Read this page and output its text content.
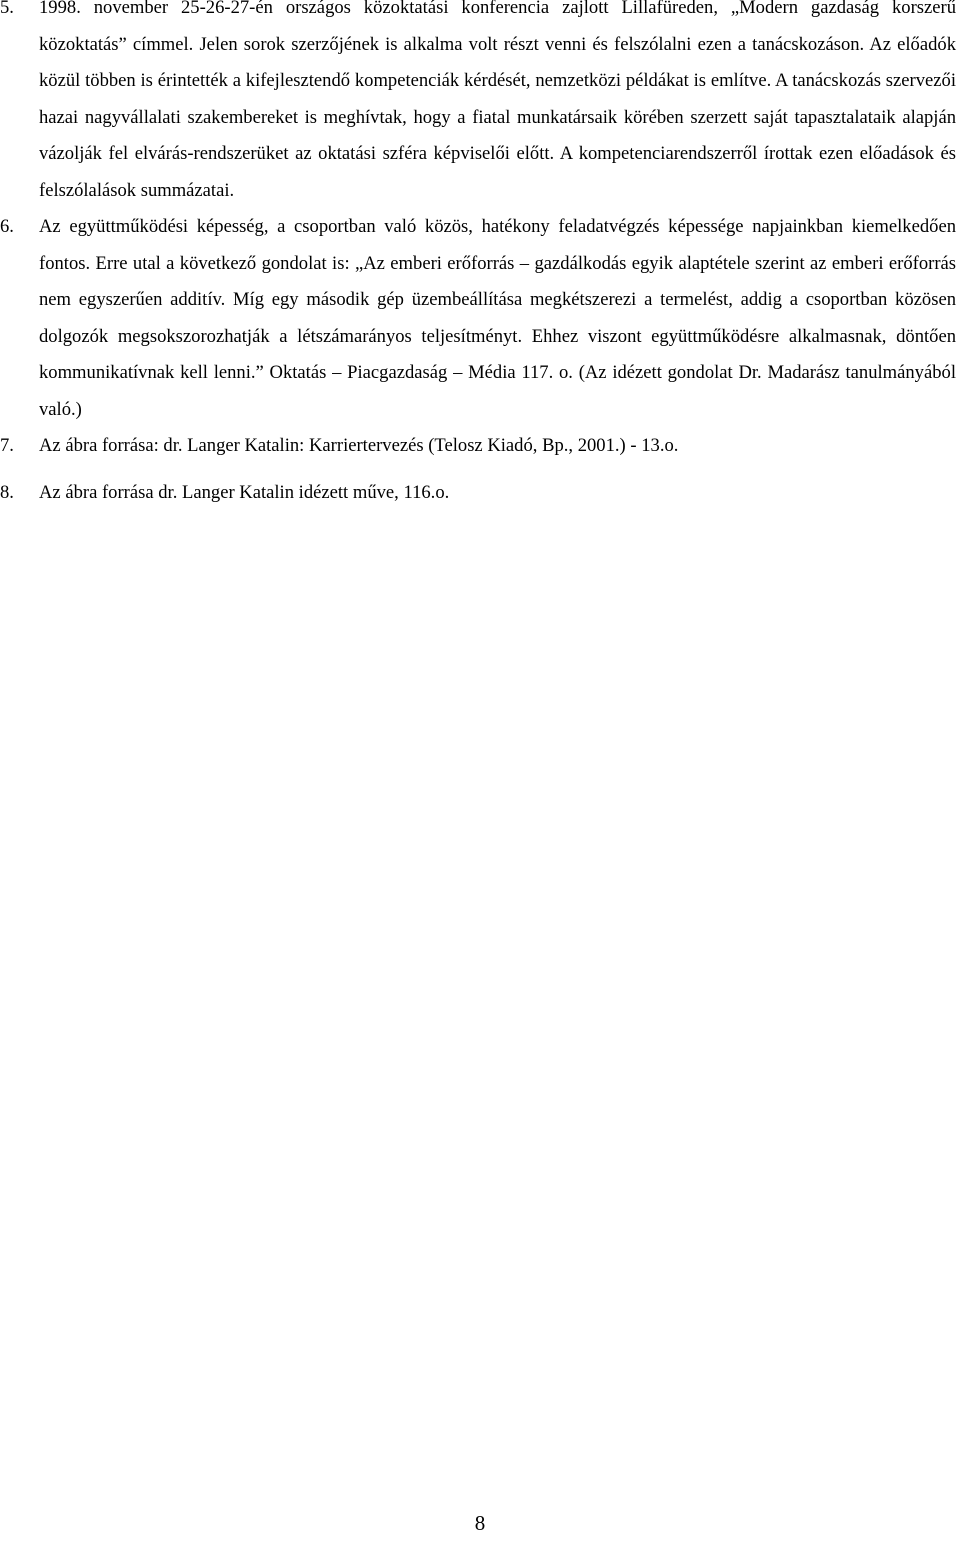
5. 1998. november 25-26-27-én országos közoktatási konferencia zajlott Lillafüreden, „Modern gazdaság korszerű közoktatás” címmel. Jelen sorok szerzőjének is alkalma volt részt venni és felszólalni ezen a tanácskozáson. Az előadók közül többen is érintették a kifejlesztendő kompetenciák kérdését, nemzetközi példákat is említve. A tanácskozás szervezői hazai nagyvállalati szakembereket is meghívtak, hogy a fiatal munkatársaik körében szerzett saját tapasztalataik alapján vázolják fel elvárás-rendszerüket az oktatási szféra képviselői előtt. A kompetenciarendszerről írottak ezen előadások és felszólalások summázatai.

6. Az együttműködési képesség, a csoportban való közös, hatékony feladatvégzés képessége napjainkban kiemelkedően fontos. Erre utal a következő gondolat is: „Az emberi erőforrás – gazdálkodás egyik alaptétele szerint az emberi erőforrás nem egyszerűen additív. Míg egy második gép üzembeállítása megkétszerezi a termelést, addig a csoportban közösen dolgozók megsokszorozhatják a létszámarányos teljesítményt. Ehhez viszont együttműködésre alkalmasnak, döntően kommunikatívnak kell lenni.” Oktatás – Piacgazdaság – Média 117. o. (Az idézett gondolat Dr. Madarász tanulmányából való.)

7. Az ábra forrása: dr. Langer Katalin: Karriertervezés (Telosz Kiadó, Bp., 2001.) - 13.o.

8. Az ábra forrása dr. Langer Katalin idézett műve, 116.o.

8
